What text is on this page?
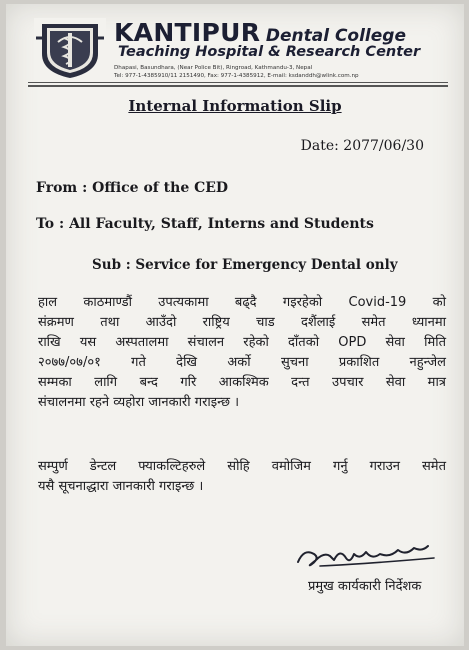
KANTIPUR Dental College
Teaching Hospital & Research Center
Dhapasi, Basundhara, (Near Police Bit), Ringroad, Kathmandu-3, Nepal
Tel: 977-1-4385910/11 2151490, Fax: 977-1-4385912, E-mail: ksdanddh@wlink.com.np
Internal Information Slip
Date: 2077/06/30
From : Office of the CED
To : All Faculty, Staff, Interns and Students
Sub : Service for Emergency Dental only
हाल काठमाण्डौं उपत्यकामा बढ्दै गइरहेको Covid-19 को
संक्रमण तथा आउँदो राष्ट्रिय चाड दशैंलाई समेत ध्यानमा
राखि यस अस्पतालमा संचालन रहेको दाँतको OPD सेवा मिति
२०७७/०७/०१ गते देखि अर्को सुचना प्रकाशित नहुन्जेल
सम्मका लागि बन्द गरि आकश्मिक दन्त उपचार सेवा मात्र
संचालनमा रहने व्यहोरा जानकारी गराइन्छ ।
सम्पुर्ण डेन्टल फ्याकल्टिहरुले सोहि वमोजिम गर्नु गराउन समेत
यसै सूचनाद्धारा जानकारी गराइन्छ ।
प्रमुख कार्यकारी निर्देशक
